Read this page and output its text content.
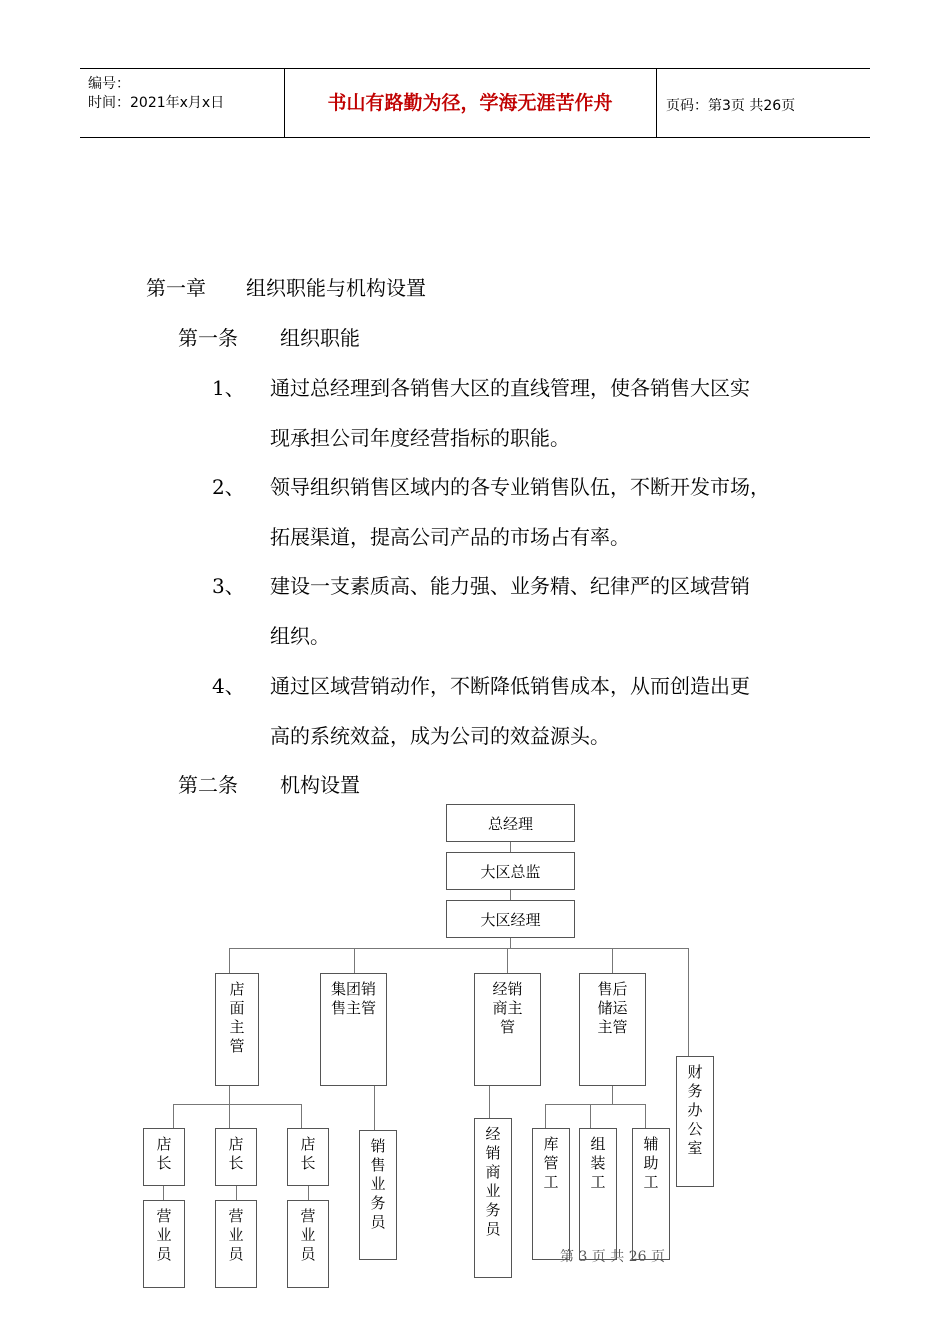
编号：
时间：2021年x月x日	书山有路勤为径，学海无涯苦作舟	页码：第3页 共26页
第一章 组织职能与机构设置
第一条 组织职能
1、 通过总经理到各销售大区的直线管理，使各销售大区实
现承担公司年度经营指标的职能。
2、 领导组织销售区域内的各专业销售队伍，不断开发市场，
拓展渠道，提高公司产品的市场占有率。
3、 建设一支素质高、能力强、业务精、纪律严的区域营销
组织。
4、 通过区域营销动作，不断降低销售成本，从而创造出更
高的系统效益，成为公司的效益源头。
第二条 机构设置
总经理
大区总监
大区经理
店面主管
集团销售主管
经销商主管
售后储运主管
财务办公室
店长
店长
店长
营业员
营业员
营业员
销售业务员
经销商业务员
库管工
组装工
辅助工
第 3 页 共 26 页
